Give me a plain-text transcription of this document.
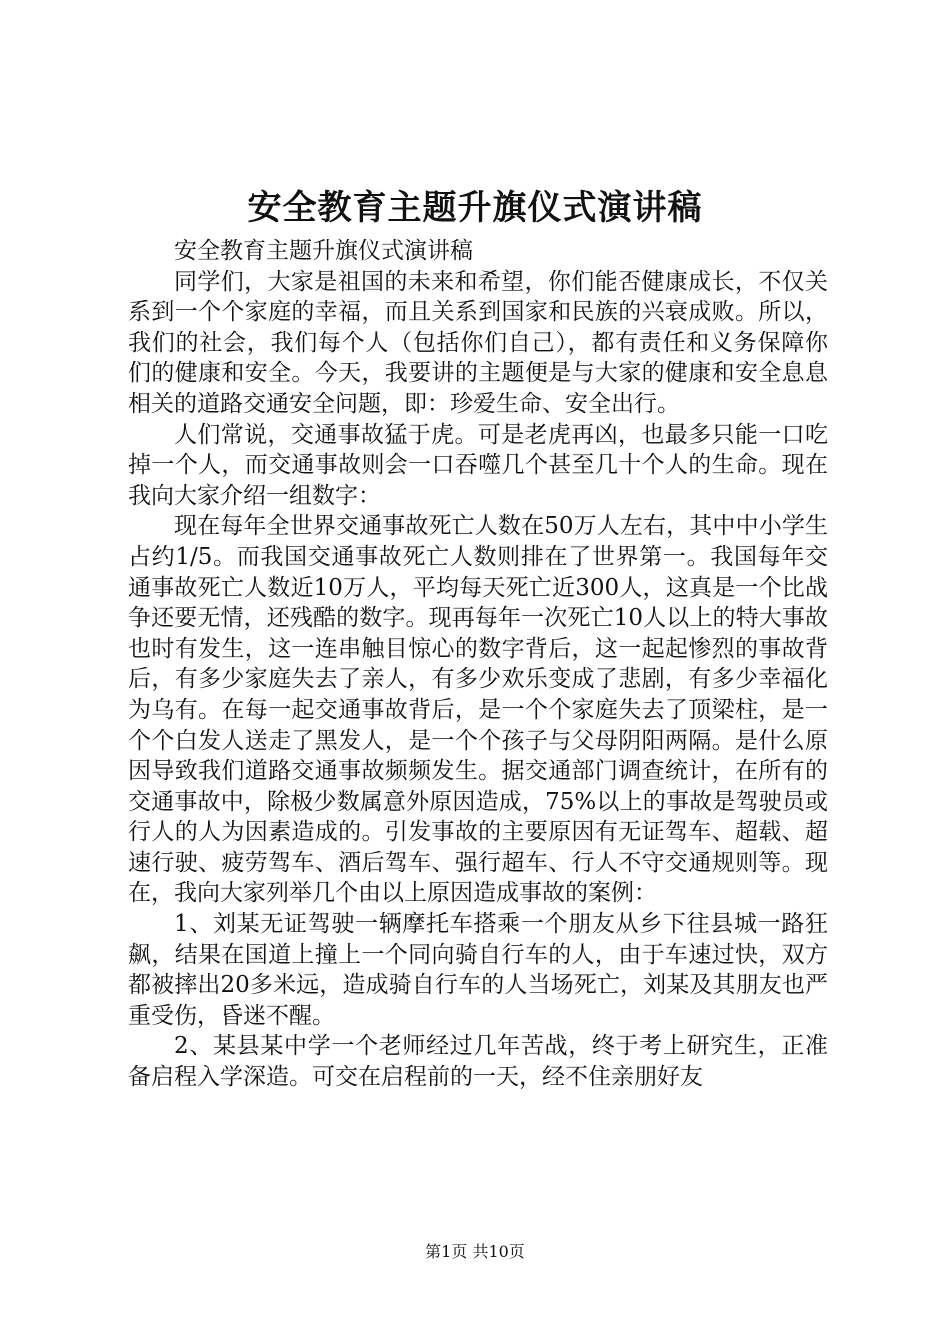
安全教育主题升旗仪式演讲稿

安全教育主题升旗仪式演讲稿

同学们，大家是祖国的未来和希望，你们能否健康成长，不仅关系到一个个家庭的幸福，而且关系到国家和民族的兴衰成败。所以，我们的社会，我们每个人（包括你们自己），都有责任和义务保障你们的健康和安全。今天，我要讲的主题便是与大家的健康和安全息息相关的道路交通安全问题，即：珍爱生命、安全出行。

人们常说，交通事故猛于虎。可是老虎再凶，也最多只能一口吃掉一个人，而交通事故则会一口吞噬几个甚至几十个人的生命。现在我向大家介绍一组数字：

现在每年全世界交通事故死亡人数在50万人左右，其中中小学生占约1/5。而我国交通事故死亡人数则排在了世界第一。我国每年交通事故死亡人数近10万人，平均每天死亡近300人，这真是一个比战争还要无情，还残酷的数字。现再每年一次死亡10人以上的特大事故也时有发生，这一连串触目惊心的数字背后，这一起起惨烈的事故背后，有多少家庭失去了亲人，有多少欢乐变成了悲剧，有多少幸福化为乌有。在每一起交通事故背后，是一个个家庭失去了顶梁柱，是一个个白发人送走了黑发人，是一个个孩子与父母阴阳两隔。是什么原因导致我们道路交通事故频频发生。据交通部门调查统计，在所有的交通事故中，除极少数属意外原因造成，75%以上的事故是驾驶员或行人的人为因素造成的。引发事故的主要原因有无证驾车、超载、超速行驶、疲劳驾车、酒后驾车、强行超车、行人不守交通规则等。现在，我向大家列举几个由以上原因造成事故的案例：

1、刘某无证驾驶一辆摩托车搭乘一个朋友从乡下往县城一路狂飙，结果在国道上撞上一个同向骑自行车的人，由于车速过快，双方都被摔出20多米远，造成骑自行车的人当场死亡，刘某及其朋友也严重受伤，昏迷不醒。

2、某县某中学一个老师经过几年苦战，终于考上研究生，正准备启程入学深造。可交在启程前的一天，经不住亲朋好友

第1页 共10页
